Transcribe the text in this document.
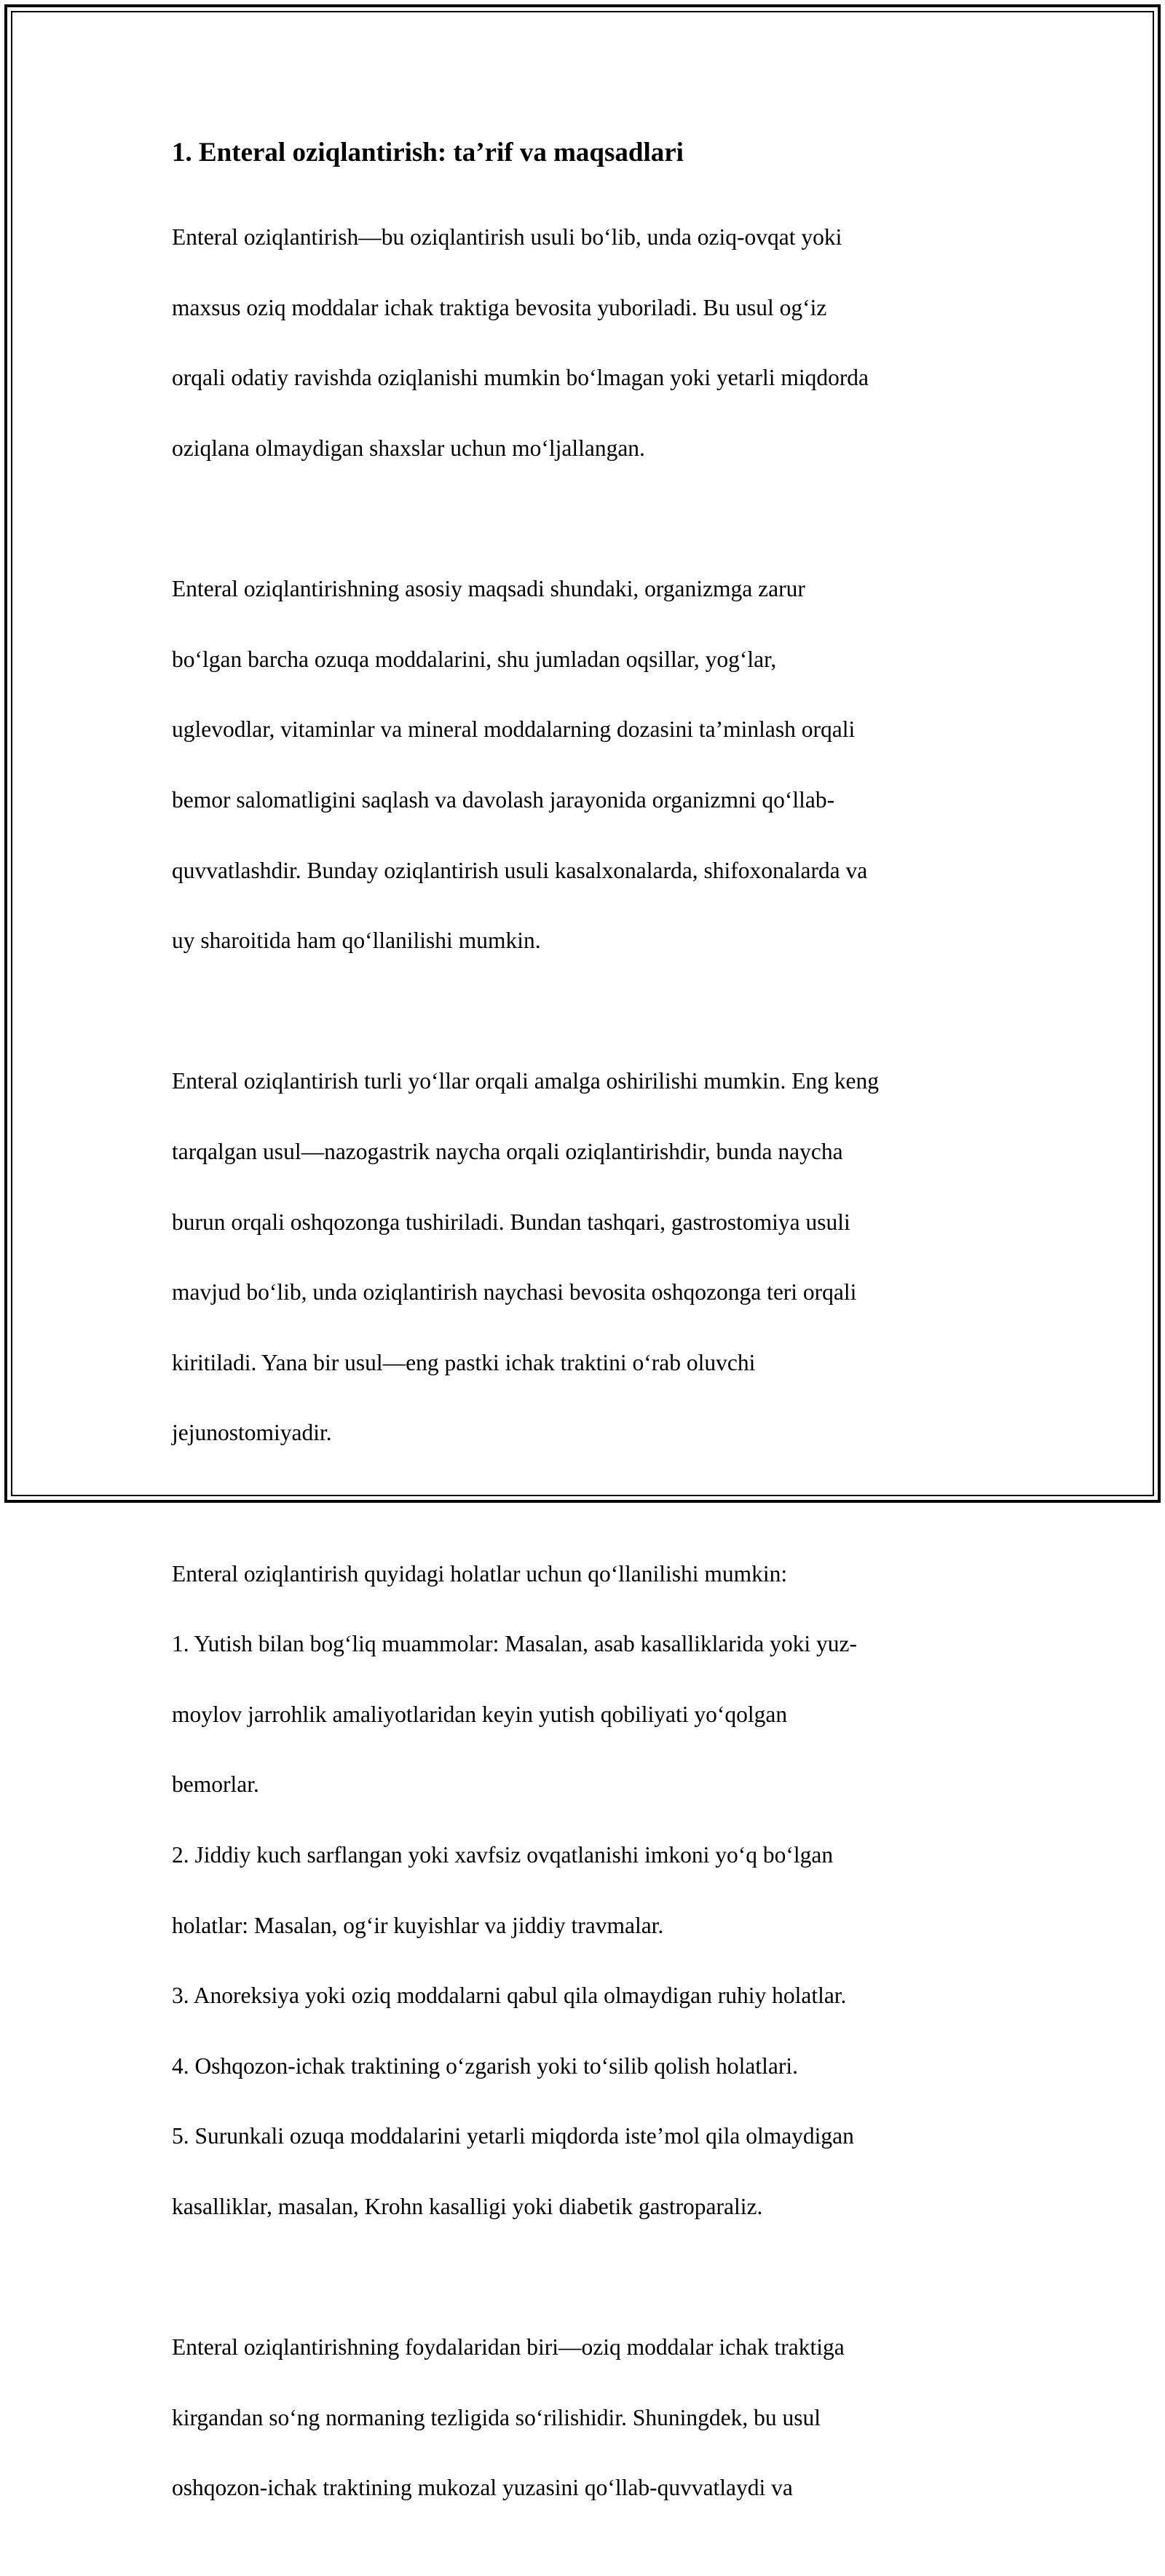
1. Enteral oziqlantirish: ta’rif va maqsadlari

Enteral oziqlantirish—bu oziqlantirish usuli bo‘lib, unda oziq-ovqat yoki

maxsus oziq moddalar ichak traktiga bevosita yuboriladi. Bu usul og‘iz

orqali odatiy ravishda oziqlanishi mumkin bo‘lmagan yoki yetarli miqdorda

oziqlana olmaydigan shaxslar uchun mo‘ljallangan.

Enteral oziqlantirishning asosiy maqsadi shundaki, organizmga zarur

bo‘lgan barcha ozuqa moddalarini, shu jumladan oqsillar, yog‘lar,

uglevodlar, vitaminlar va mineral moddalarning dozasini ta’minlash orqali

bemor salomatligini saqlash va davolash jarayonida organizmni qo‘llab-

quvvatlashdir. Bunday oziqlantirish usuli kasalxonalarda, shifoxonalarda va

uy sharoitida ham qo‘llanilishi mumkin.

Enteral oziqlantirish turli yo‘llar orqali amalga oshirilishi mumkin. Eng keng

tarqalgan usul—nazogastrik naycha orqali oziqlantirishdir, bunda naycha

burun orqali oshqozonga tushiriladi. Bundan tashqari, gastrostomiya usuli

mavjud bo‘lib, unda oziqlantirish naychasi bevosita oshqozonga teri orqali

kiritiladi. Yana bir usul—eng pastki ichak traktini o‘rab oluvchi

jejunostomiyadir.

Enteral oziqlantirish quyidagi holatlar uchun qo‘llanilishi mumkin:

1. Yutish bilan bog‘liq muammolar: Masalan, asab kasalliklarida yoki yuz-

moylov jarrohlik amaliyotlaridan keyin yutish qobiliyati yo‘qolgan

bemorlar.

2. Jiddiy kuch sarflangan yoki xavfsiz ovqatlanishi imkoni yo‘q bo‘lgan

holatlar: Masalan, og‘ir kuyishlar va jiddiy travmalar.

3. Anoreksiya yoki oziq moddalarni qabul qila olmaydigan ruhiy holatlar.

4. Oshqozon-ichak traktining o‘zgarish yoki to‘silib qolish holatlari.

5. Surunkali ozuqa moddalarini yetarli miqdorda iste’mol qila olmaydigan

kasalliklar, masalan, Krohn kasalligi yoki diabetik gastroparaliz.

Enteral oziqlantirishning foydalaridan biri—oziq moddalar ichak traktiga

kirgandan so‘ng normaning tezligida so‘rilishidir. Shuningdek, bu usul

oshqozon-ichak traktining mukozal yuzasini qo‘llab-quvvatlaydi va
